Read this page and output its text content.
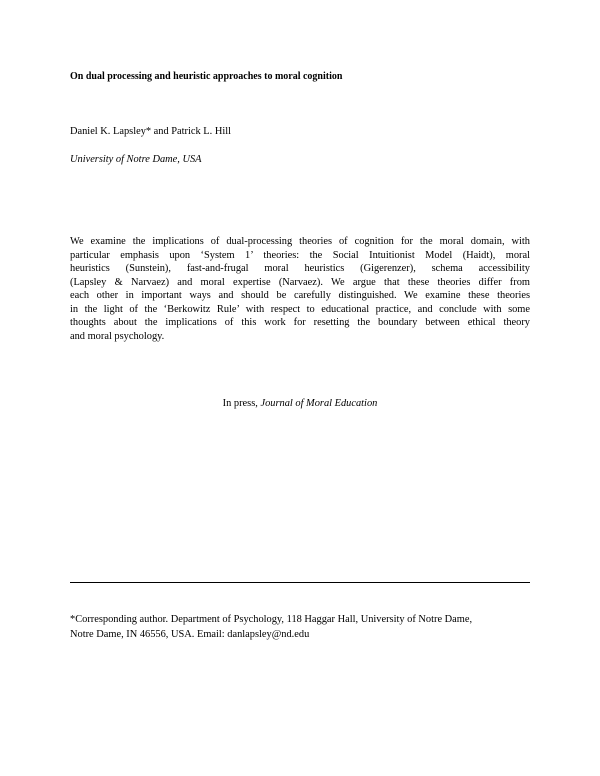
On dual processing and heuristic approaches to moral cognition
Daniel K. Lapsley* and Patrick L. Hill
University of Notre Dame, USA
We examine the implications of dual-processing theories of cognition for the moral domain, with
particular emphasis upon ‘System 1’ theories: the Social Intuitionist Model (Haidt), moral
heuristics (Sunstein), fast-and-frugal moral heuristics (Gigerenzer), schema accessibility
(Lapsley & Narvaez) and moral expertise (Narvaez). We argue that these theories differ from
each other in important ways and should be carefully distinguished. We examine these theories
in the light of the ‘Berkowitz Rule’ with respect to educational practice, and conclude with some
thoughts about the implications of this work for resetting the boundary between ethical theory
and moral psychology.
In press, Journal of Moral Education
*Corresponding author. Department of Psychology, 118 Haggar Hall, University of Notre Dame,
Notre Dame, IN 46556, USA. Email: danlapsley@nd.edu
